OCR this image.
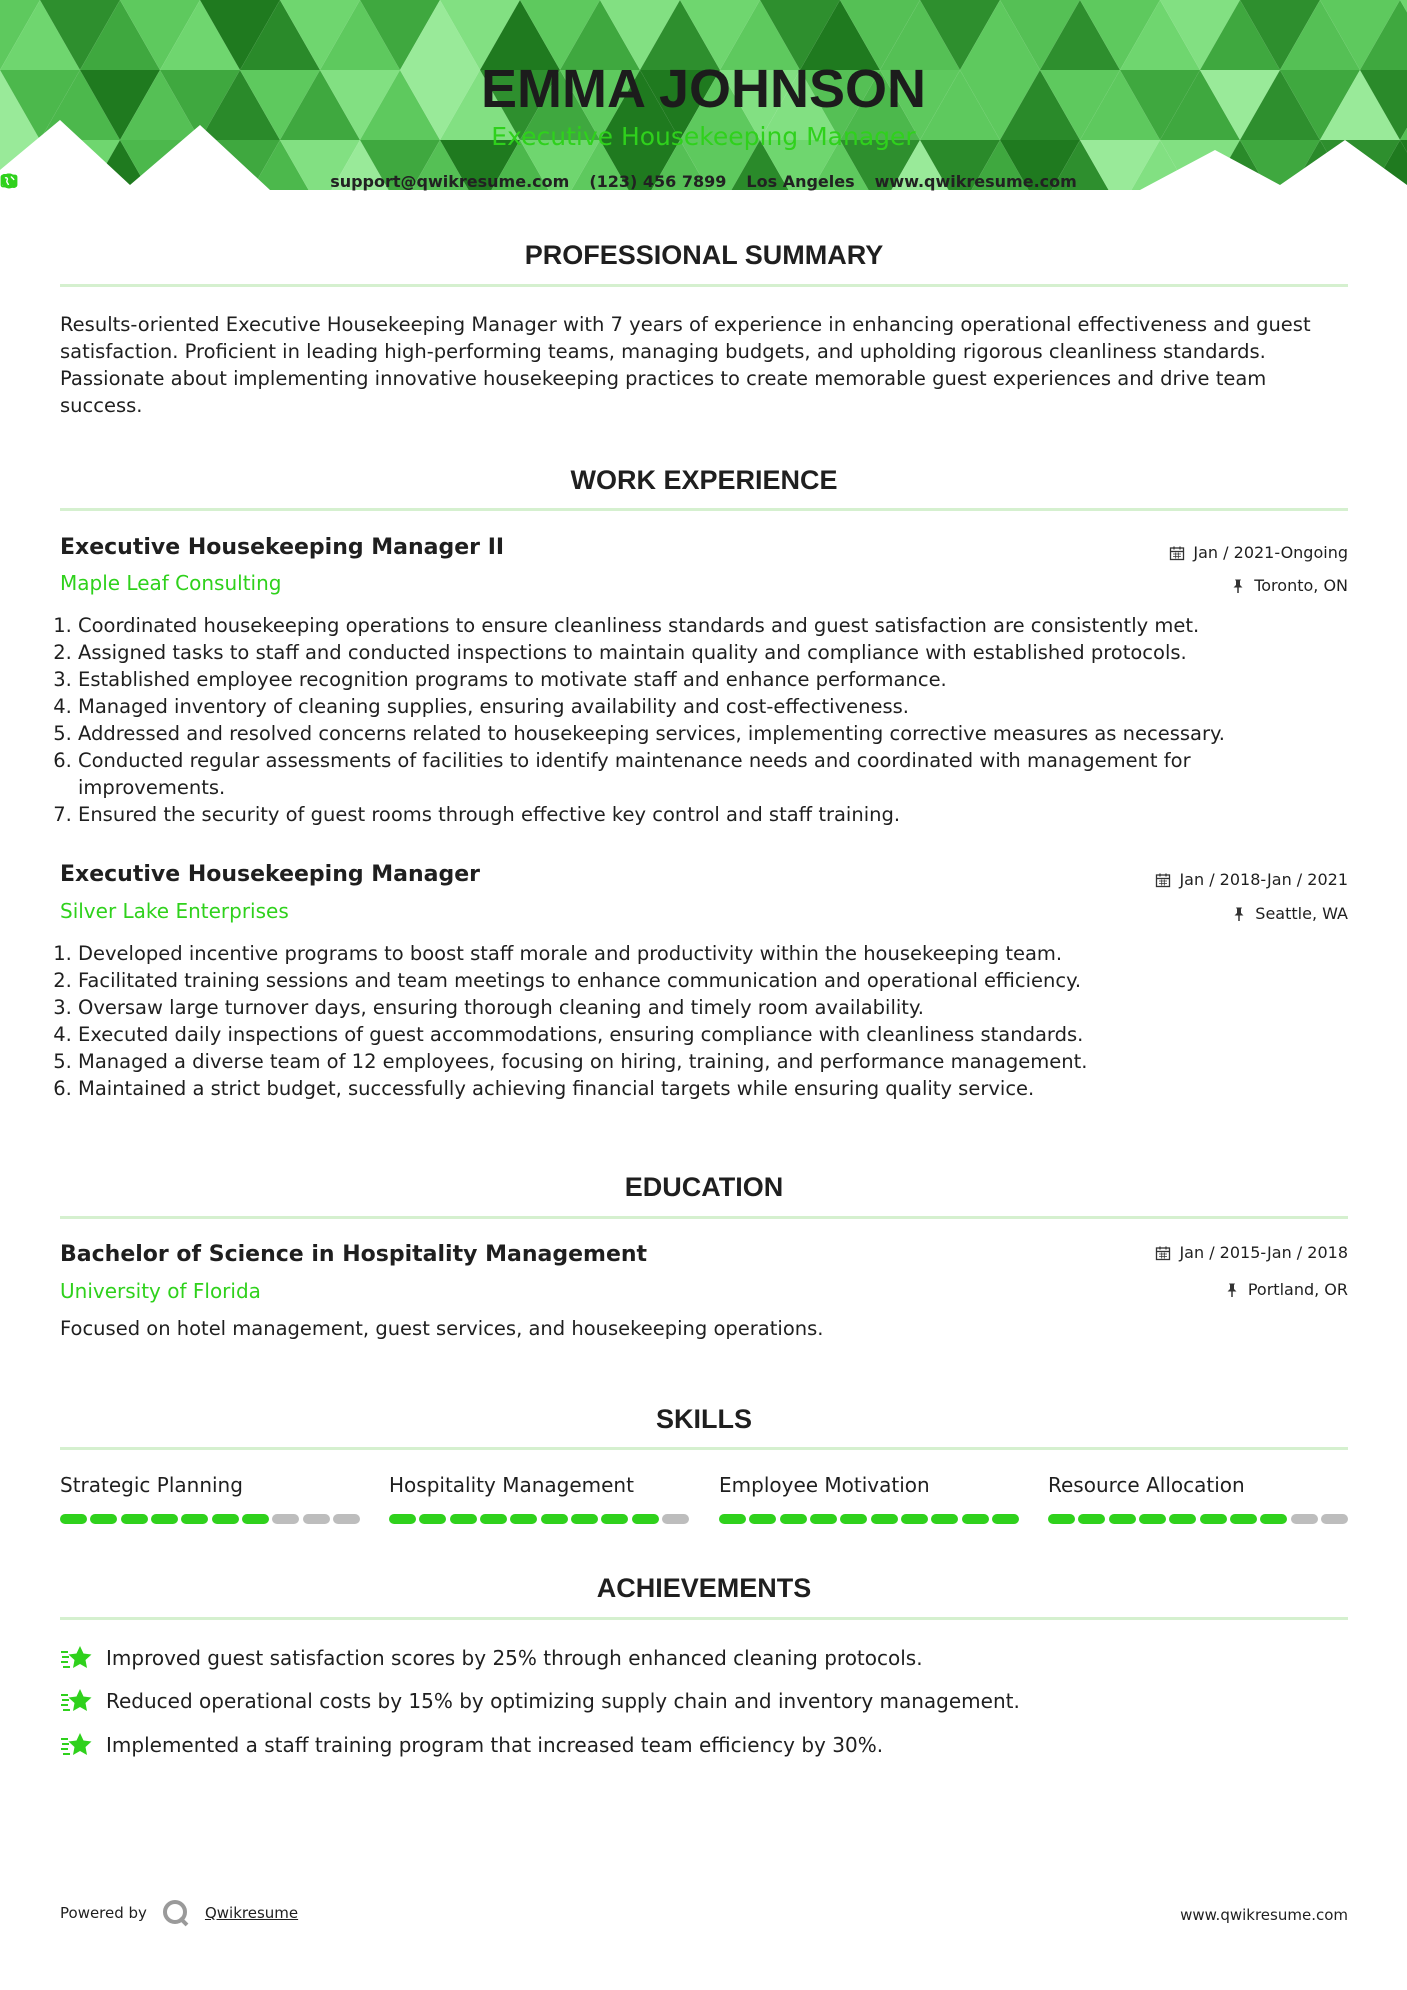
EMMA JOHNSON
Executive Housekeeping Manager
support@qwikresume.com (123) 456 7899 Los Angeles www.qwikresume.com
PROFESSIONAL SUMMARY
Results-oriented Executive Housekeeping Manager with 7 years of experience in enhancing operational effectiveness and guest satisfaction. Proficient in leading high-performing teams, managing budgets, and upholding rigorous cleanliness standards. Passionate about implementing innovative housekeeping practices to create memorable guest experiences and drive team success.
WORK EXPERIENCE
Executive Housekeeping Manager II	Jan / 2021-Ongoing
Maple Leaf Consulting	Toronto, ON
1. Coordinated housekeeping operations to ensure cleanliness standards and guest satisfaction are consistently met.
2. Assigned tasks to staff and conducted inspections to maintain quality and compliance with established protocols.
3. Established employee recognition programs to motivate staff and enhance performance.
4. Managed inventory of cleaning supplies, ensuring availability and cost-effectiveness.
5. Addressed and resolved concerns related to housekeeping services, implementing corrective measures as necessary.
6. Conducted regular assessments of facilities to identify maintenance needs and coordinated with management for improvements.
7. Ensured the security of guest rooms through effective key control and staff training.
Executive Housekeeping Manager	Jan / 2018-Jan / 2021
Silver Lake Enterprises	Seattle, WA
1. Developed incentive programs to boost staff morale and productivity within the housekeeping team.
2. Facilitated training sessions and team meetings to enhance communication and operational efficiency.
3. Oversaw large turnover days, ensuring thorough cleaning and timely room availability.
4. Executed daily inspections of guest accommodations, ensuring compliance with cleanliness standards.
5. Managed a diverse team of 12 employees, focusing on hiring, training, and performance management.
6. Maintained a strict budget, successfully achieving financial targets while ensuring quality service.
EDUCATION
Bachelor of Science in Hospitality Management	Jan / 2015-Jan / 2018
University of Florida	Portland, OR
Focused on hotel management, guest services, and housekeeping operations.
SKILLS
Strategic Planning	Hospitality Management	Employee Motivation	Resource Allocation
ACHIEVEMENTS
Improved guest satisfaction scores by 25% through enhanced cleaning protocols.
Reduced operational costs by 15% by optimizing supply chain and inventory management.
Implemented a staff training program that increased team efficiency by 30%.
Powered by	Qwikresume	www.qwikresume.com
